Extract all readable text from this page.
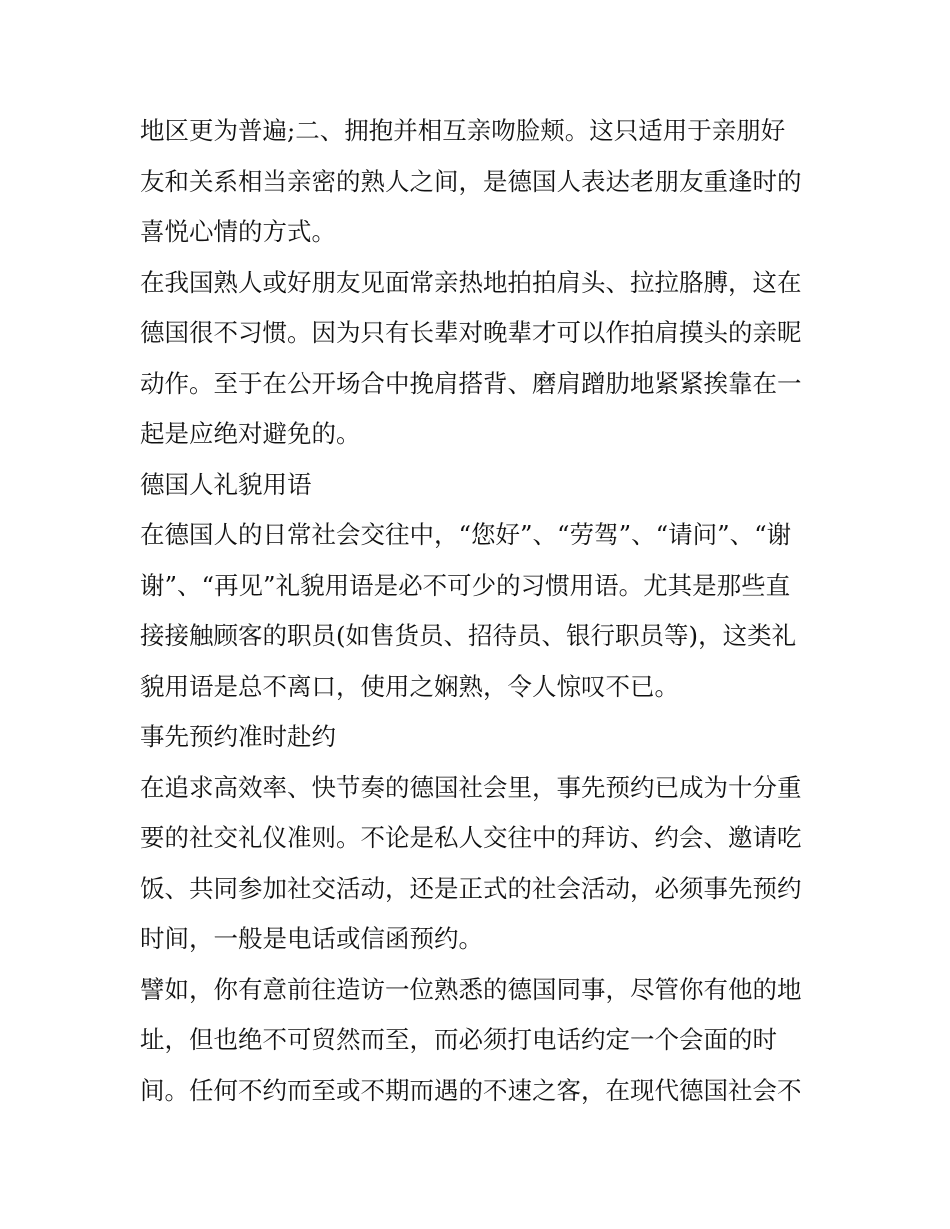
地区更为普遍;二、拥抱并相互亲吻脸颊。这只适用于亲朋好
友和关系相当亲密的熟人之间，是德国人表达老朋友重逢时的
喜悦心情的方式。
在我国熟人或好朋友见面常亲热地拍拍肩头、拉拉胳膊，这在
德国很不习惯。因为只有长辈对晚辈才可以作拍肩摸头的亲昵
动作。至于在公开场合中挽肩搭背、磨肩蹭肋地紧紧挨靠在一
起是应绝对避免的。
德国人礼貌用语
在德国人的日常社会交往中，“您好”、“劳驾”、“请问”、“谢
谢”、“再见”礼貌用语是必不可少的习惯用语。尤其是那些直
接接触顾客的职员(如售货员、招待员、银行职员等)，这类礼
貌用语是总不离口，使用之娴熟，令人惊叹不已。
事先预约准时赴约
在追求高效率、快节奏的德国社会里，事先预约已成为十分重
要的社交礼仪准则。不论是私人交往中的拜访、约会、邀请吃
饭、共同参加社交活动，还是正式的社会活动，必须事先预约
时间，一般是电话或信函预约。
譬如，你有意前往造访一位熟悉的德国同事，尽管你有他的地
址，但也绝不可贸然而至，而必须打电话约定一个会面的时
间。任何不约而至或不期而遇的不速之客，在现代德国社会不
